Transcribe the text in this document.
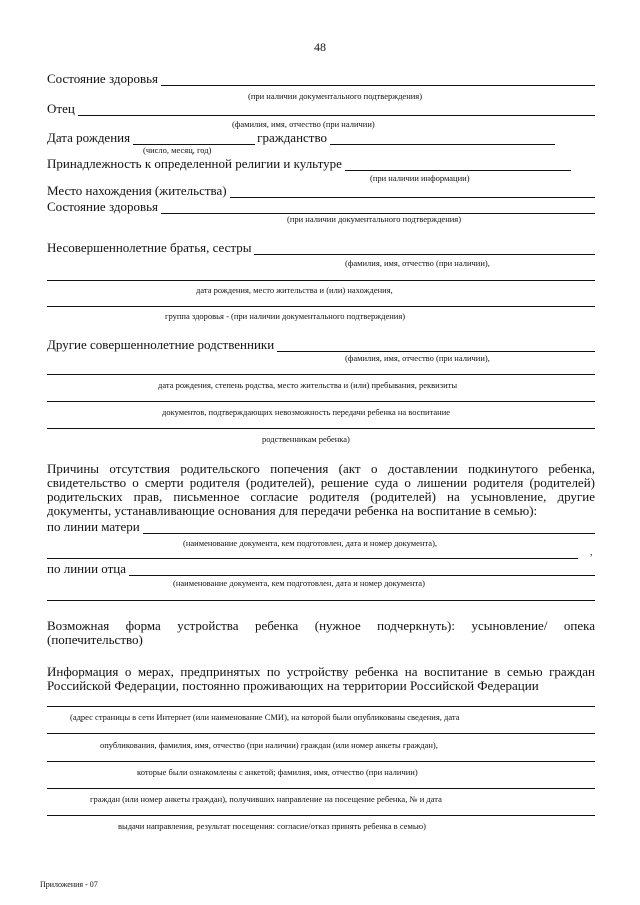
48
Состояние здоровья
(при наличии документального подтверждения)
Отец
(фамилия, имя, отчество (при наличии)
Дата рождения	гражданство
(число, месяц, год)
Принадлежность к определенной религии и культуре
(при наличии информации)
Место нахождения (жительства)
Состояние здоровья
(при наличии документального подтверждения)
Несовершеннолетние братья, сестры
(фамилия, имя, отчество (при наличии),
дата рождения, место жительства и (или) нахождения,
группа здоровья - (при наличии документального подтверждения)
Другие совершеннолетние родственники
(фамилия, имя, отчество (при наличии),
дата рождения, степень родства, место жительства и (или) пребывания, реквизиты
документов, подтверждающих невозможность передачи ребенка на воспитание
родственникам ребенка)
Причины отсутствия родительского попечения (акт о доставлении подкинутого ребенка, свидетельство о смерти родителя (родителей), решение суда о лишении родителя (родителей) родительских прав, письменное согласие родителя (родителей) на усыновление, другие документы, устанавливающие основания для передачи ребенка на воспитание в семью):
по линии матери
(наименование документа, кем подготовлен, дата и номер документа),
,
по линии отца
(наименование документа, кем подготовлен, дата и номер документа)
Возможная форма устройства ребенка (нужное подчеркнуть): усыновление/ опека (попечительство)
Информация о мерах, предпринятых по устройству ребенка на воспитание в семью граждан Российской Федерации, постоянно проживающих на территории Российской Федерации
(адрес страницы в сети Интернет (или наименование СМИ), на которой были опубликованы сведения, дата
опубликования, фамилия, имя, отчество (при наличии) граждан (или номер анкеты граждан),
которые были ознакомлены с анкетой; фамилия, имя, отчество (при наличии)
граждан (или номер анкеты граждан), получивших направление на посещение ребенка, № и дата
выдачи направления, результат посещения: согласие/отказ принять ребенка в семью)
Приложения - 07
